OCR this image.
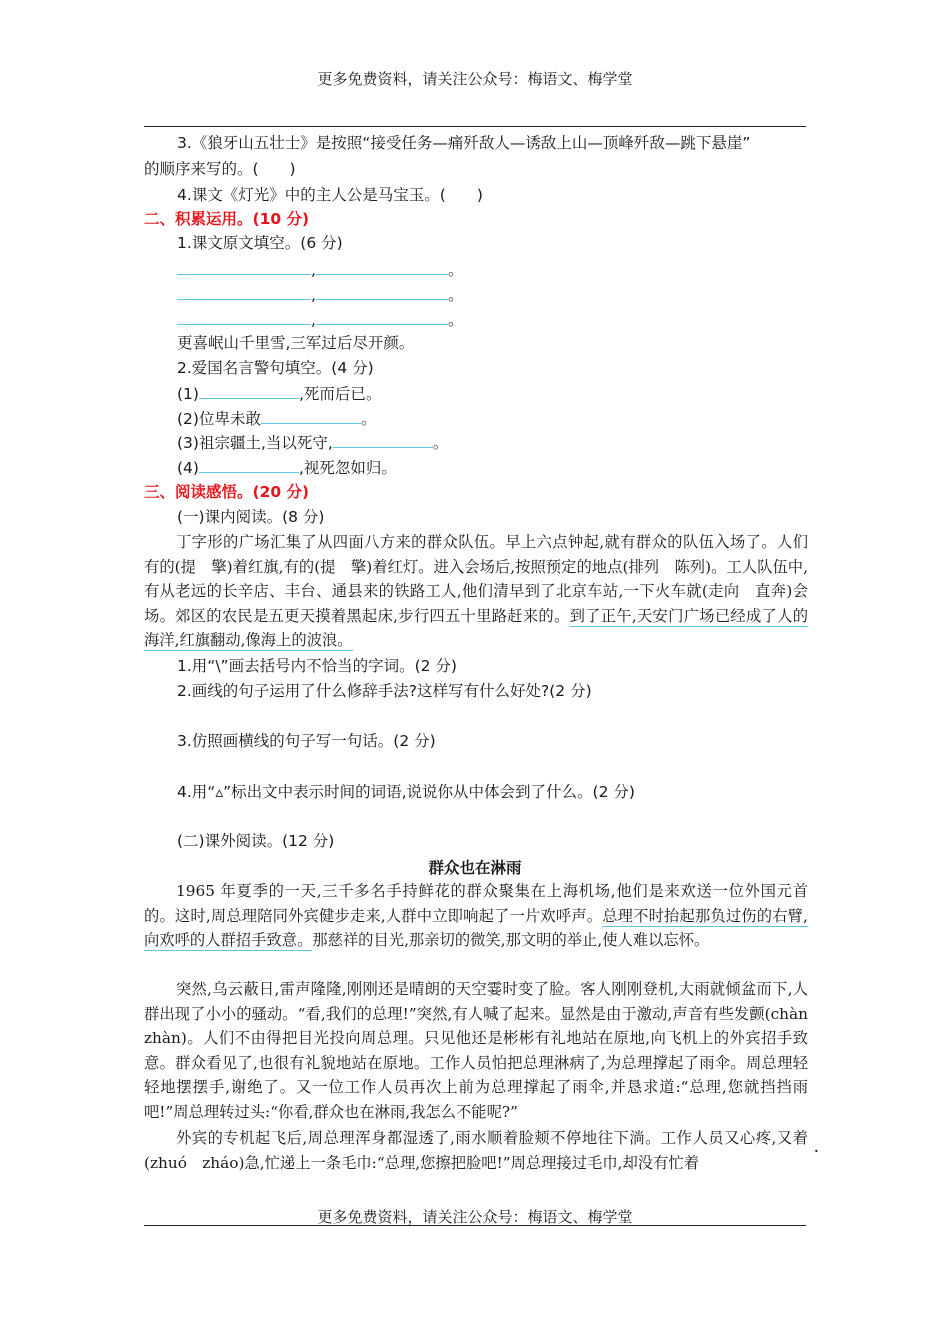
更多免费资料，请关注公众号：梅语文、梅学堂
3.《狼牙山五壮士》是按照“接受任务—痛歼敌人—诱敌上山—顶峰歼敌—跳下悬崖”
的顺序来写的。(　　)
4.课文《灯光》中的主人公是马宝玉。(　　)
二、积累运用。(10 分)
1.课文原文填空。(6 分)
,	。
,	。
,	。
更喜岷山千里雪,三军过后尽开颜。
2.爱国名言警句填空。(4 分)
(1)	,死而后已。
(2)位卑未敢	。
(3)祖宗疆土,当以死守,	。
(4)	,视死忽如归。
三、阅读感悟。(20 分)
(一)课内阅读。(8 分)
丁字形的广场汇集了从四面八方来的群众队伍。早上六点钟起,就有群众的队伍入场了。人们有的(提　擎)着红旗,有的(提　擎)着红灯。进入会场后,按照预定的地点(排列　陈列)。工人队伍中,有从老远的长辛店、丰台、通县来的铁路工人,他们清早到了北京车站,一下火车就(走向　直奔)会场。郊区的农民是五更天摸着黑起床,步行四五十里路赶来的。到了正午,天安门广场已经成了人的海洋,红旗翻动,像海上的波浪。
1.用“\”画去括号内不恰当的字词。(2 分)
2.画线的句子运用了什么修辞手法?这样写有什么好处?(2 分)
3.仿照画横线的句子写一句话。(2 分)
4.用“▵”标出文中表示时间的词语,说说你从中体会到了什么。(2 分)
(二)课外阅读。(12 分)
群众也在淋雨
1965 年夏季的一天,三千多名手持鲜花的群众聚集在上海机场,他们是来欢送一位外国元首的。这时,周总理陪同外宾健步走来,人群中立即响起了一片欢呼声。总理不时抬起那负过伤的右臂,向欢呼的人群招手致意。那慈祥的目光,那亲切的微笑,那文明的举止,使人难以忘怀。
突然,乌云蔽日,雷声隆隆,刚刚还是晴朗的天空霎时变了脸。客人刚刚登机,大雨就倾盆而下,人群出现了小小的骚动。“看,我们的总理!”突然,有人喊了起来。显然是由于激动,声音有些发颤(chàn　zhàn)。人们不由得把目光投向周总理。只见他还是彬彬有礼地站在原地,向飞机上的外宾招手致意。群众看见了,也很有礼貌地站在原地。工作人员怕把总理淋病了,为总理撑起了雨伞。周总理轻轻地摆摆手,谢绝了。又一位工作人员再次上前为总理撑起了雨伞,并恳求道:“总理,您就挡挡雨吧!”周总理转过头:“你看,群众也在淋雨,我怎么不能呢?”
外宾的专机起飞后,周总理浑身都湿透了,雨水顺着脸颊不停地往下淌。工作人员又心疼,又着(zhuó　zháo)急,忙递上一条毛巾:“总理,您擦把脸吧!”周总理接过毛巾,却没有忙着
更多免费资料，请关注公众号：梅语文、梅学堂
